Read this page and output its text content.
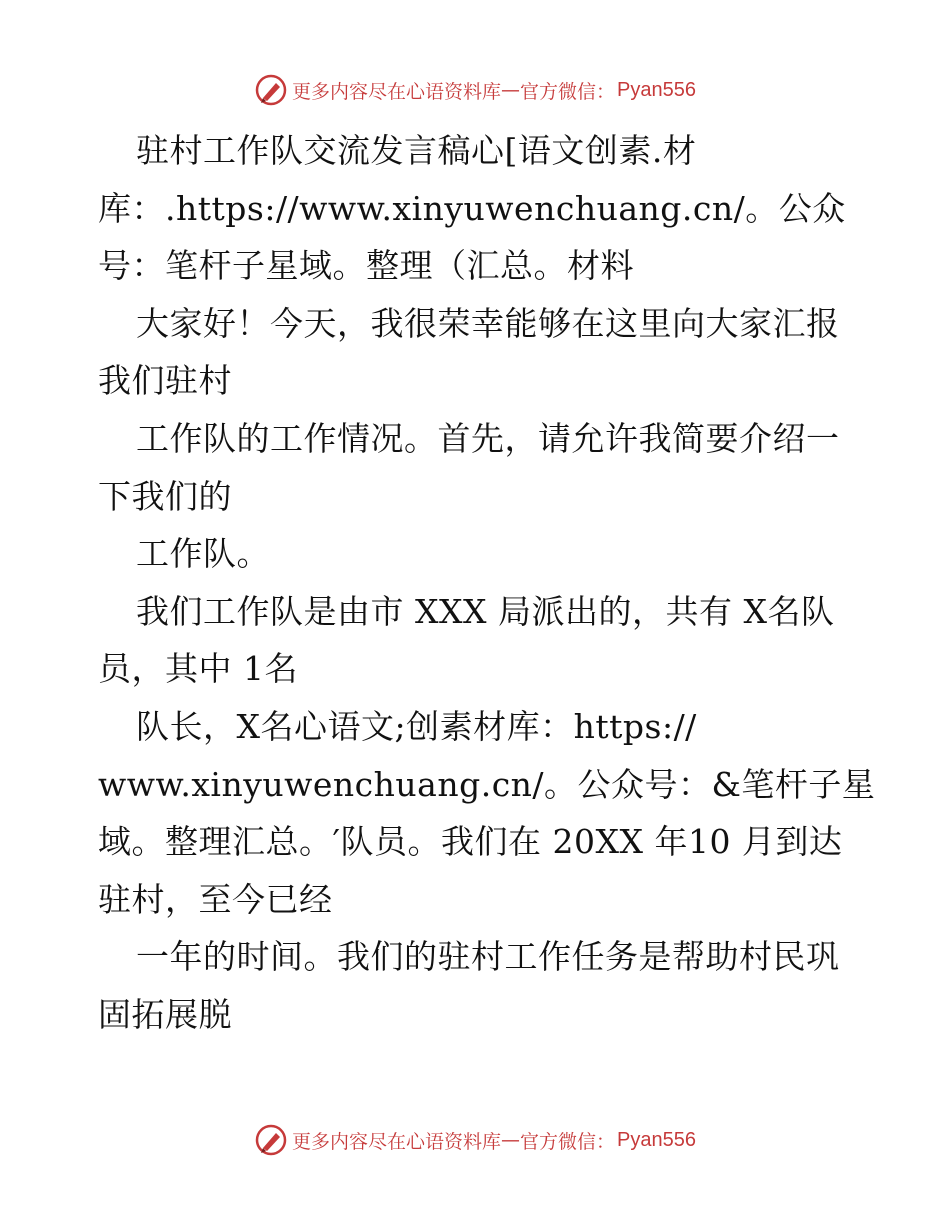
更多内容尽在心语资料库 — 官方微信： Pyan556
驻村工作队交流发言稿心[语文创素.材
库：.https://www.xinyuwenchuang.cn/。公众
号：笔杆子星域。整理（汇总。材料
大家好！今天，我很荣幸能够在这里向大家汇报
我们驻村
工作队的工作情况。首先，请允许我简要介绍一
下我们的
工作队。
我们工作队是由市 XXX 局派出的，共有 X名队
员，其中 1名
队长，X名心语文;创素材库：https://
www.xinyuwenchuang.cn/。公众号：&笔杆子星
域。整理汇总。′队员。我们在 20XX 年10 月到达
驻村，至今已经
一年的时间。我们的驻村工作任务是帮助村民巩
固拓展脱
更多内容尽在心语资料库 — 官方微信： Pyan556
